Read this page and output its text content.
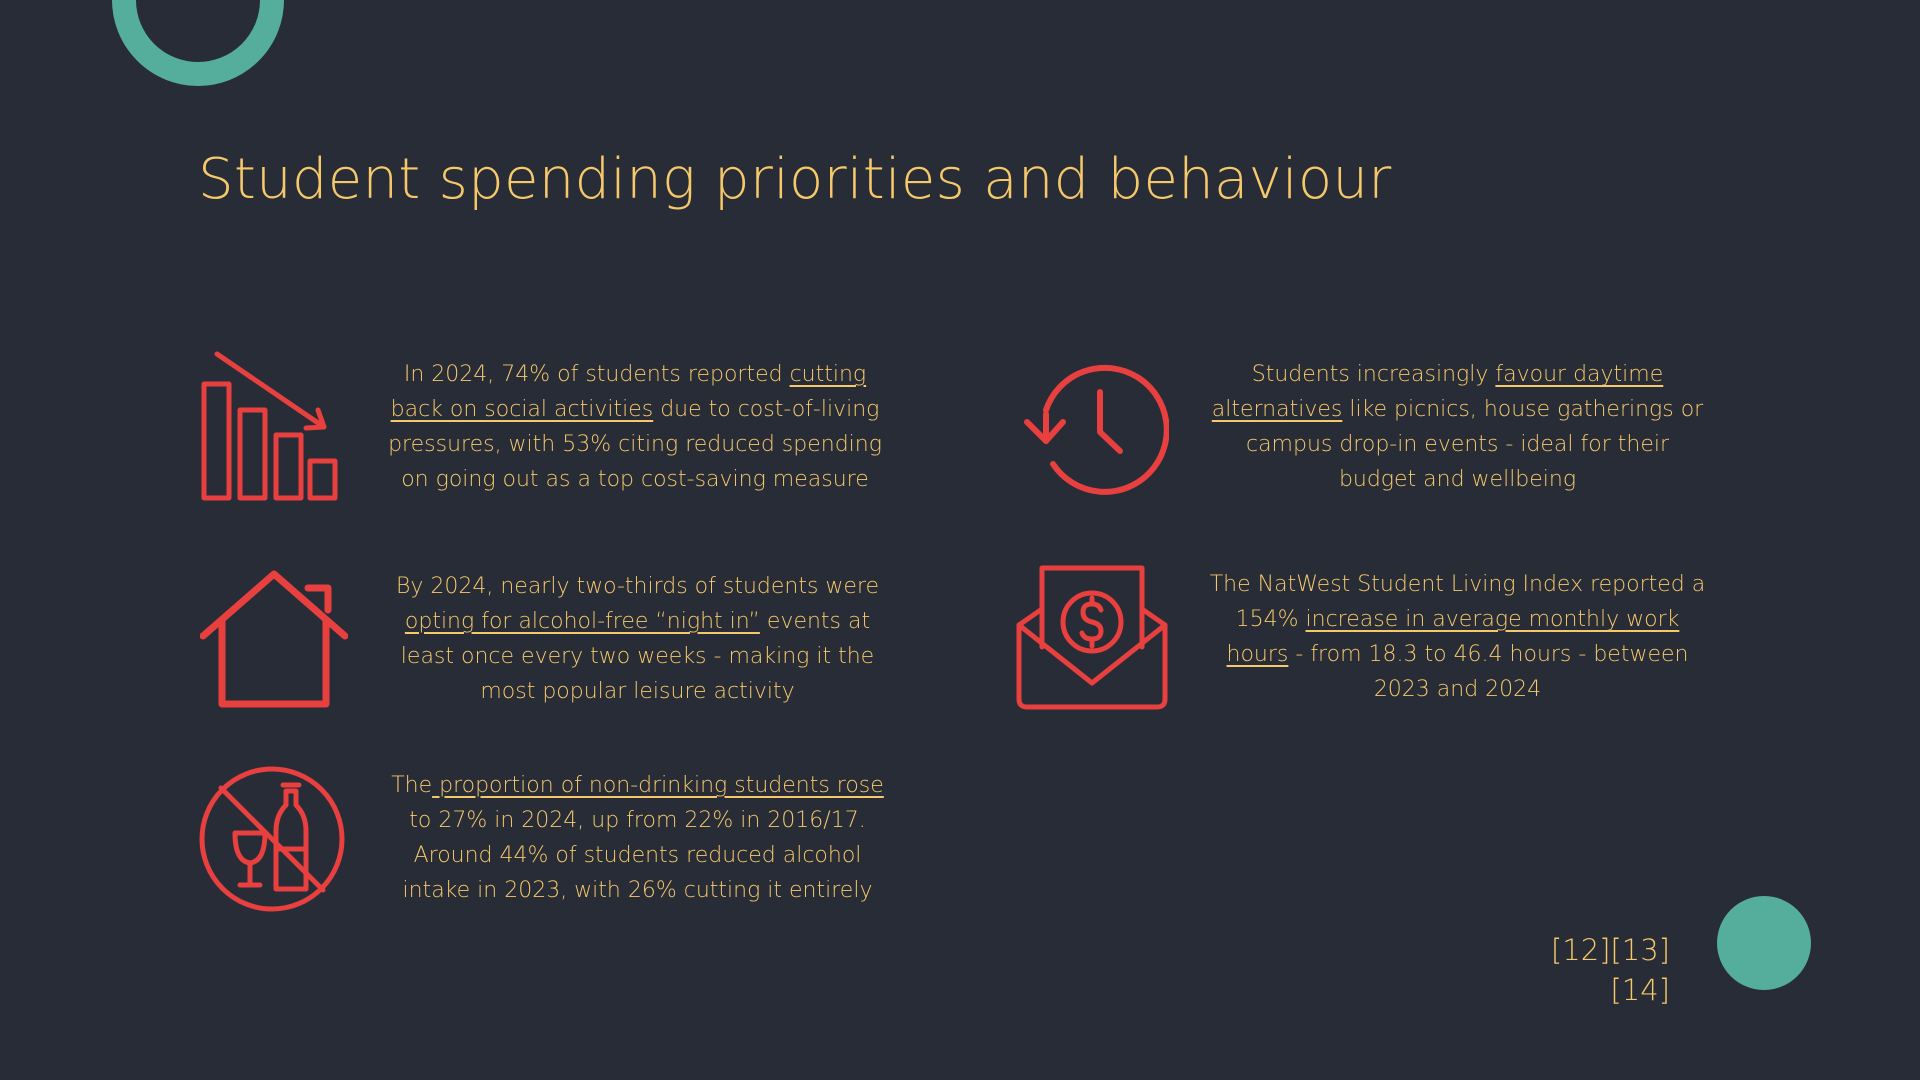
Student spending priorities and behaviour

In 2024, 74% of students reported cutting back on social activities due to cost-of-living pressures, with 53% citing reduced spending on going out as a top cost-saving measure

By 2024, nearly two-thirds of students were opting for alcohol-free “night in” events at least once every two weeks - making it the most popular leisure activity

The proportion of non-drinking students rose to 27% in 2024, up from 22% in 2016/17. Around 44% of students reduced alcohol intake in 2023, with 26% cutting it entirely

Students increasingly favour daytime alternatives like picnics, house gatherings or campus drop-in events - ideal for their budget and wellbeing

The NatWest Student Living Index reported a 154% increase in average monthly work hours - from 18.3 to 46.4 hours - between 2023 and 2024

[12][13][14]
